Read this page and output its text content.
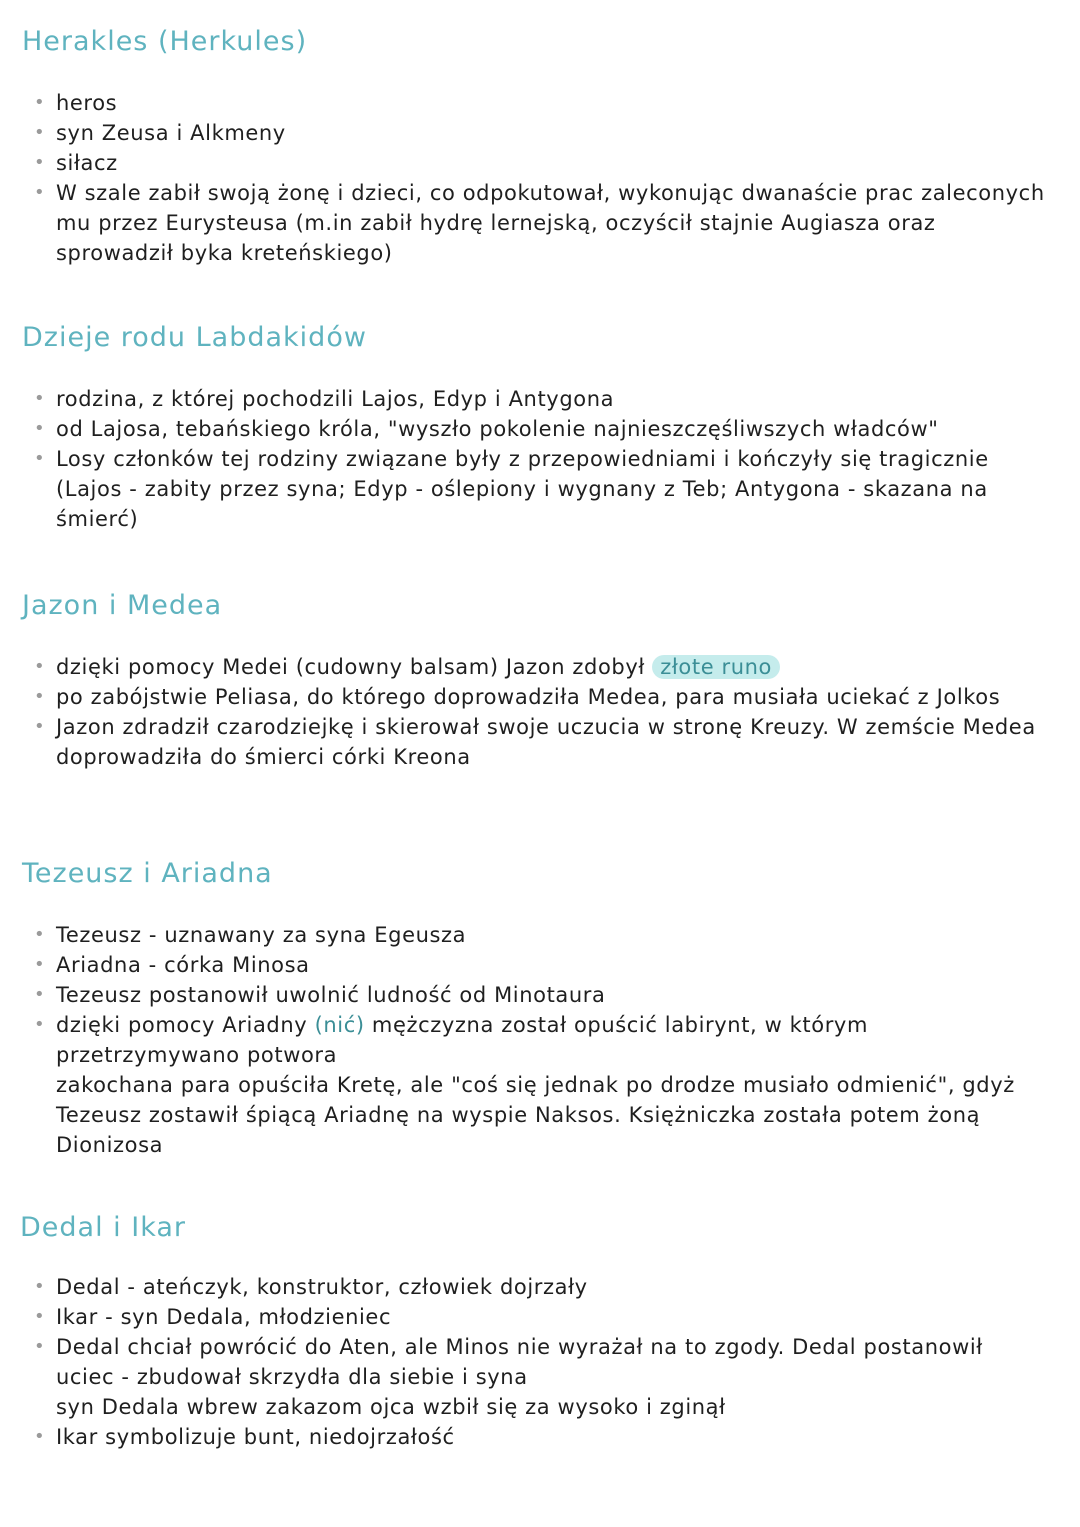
Herakles (Herkules)
• heros
• syn Zeusa i Alkmeny
• siłacz
• W szale zabił swoją żonę i dzieci, co odpokutował, wykonując dwanaście prac zaleconych mu przez Eurysteusa (m.in zabił hydrę lernejską, oczyścił stajnie Augiasza oraz sprowadził byka kreteńskiego)
Dzieje rodu Labdakidów
• rodzina, z której pochodzili Lajos, Edyp i Antygona
• od Lajosa, tebańskiego króla, "wyszło pokolenie najnieszczęśliwszych władców"
• Losy członków tej rodziny związane były z przepowiedniami i kończyły się tragicznie (Lajos - zabity przez syna; Edyp - oślepiony i wygnany z Teb; Antygona - skazana na śmierć)
Jazon i Medea
• dzięki pomocy Medei (cudowny balsam) Jazon zdobył złote runo
• po zabójstwie Peliasa, do którego doprowadziła Medea, para musiała uciekać z Jolkos
• Jazon zdradził czarodziejkę i skierował swoje uczucia w stronę Kreuzy. W zemście Medea doprowadziła do śmierci córki Kreona
Tezeusz i Ariadna
• Tezeusz - uznawany za syna Egeusza
• Ariadna - córka Minosa
• Tezeusz postanowił uwolnić ludność od Minotaura
• dzięki pomocy Ariadny (nić) mężczyzna został opuścić labirynt, w którym przetrzymywano potwora
zakochana para opuściła Kretę, ale "coś się jednak po drodze musiało odmienić", gdyż Tezeusz zostawił śpiącą Ariadnę na wyspie Naksos. Księżniczka została potem żoną Dionizosa
Dedal i Ikar
• Dedal - ateńczyk, konstruktor, człowiek dojrzały
• Ikar - syn Dedala, młodzieniec
• Dedal chciał powrócić do Aten, ale Minos nie wyrażał na to zgody. Dedal postanowił uciec - zbudował skrzydła dla siebie i syna
syn Dedala wbrew zakazom ojca wzbił się za wysoko i zginął
• Ikar symbolizuje bunt, niedojrzałość
